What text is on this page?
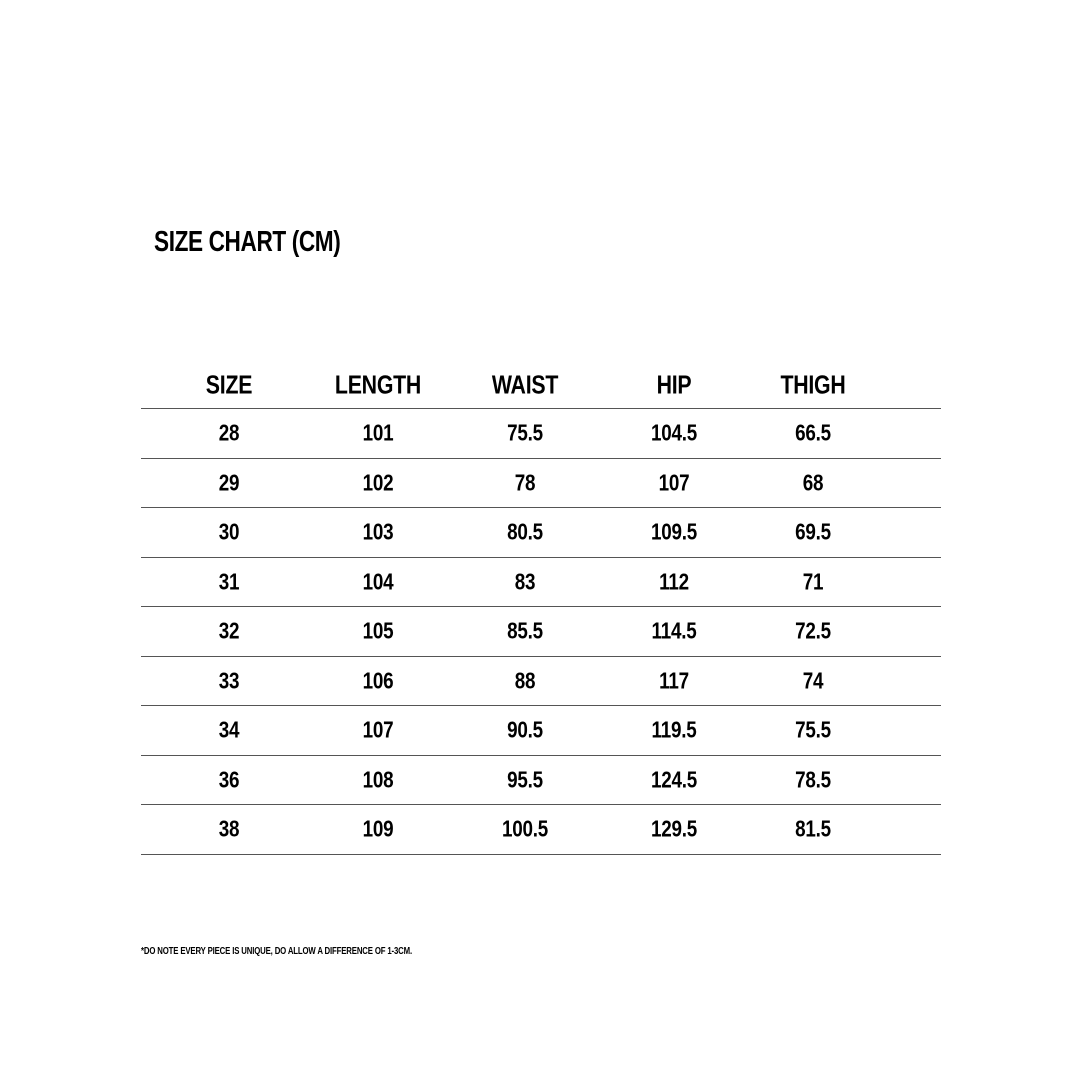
SIZE CHART (CM)
SIZE	LENGTH	WAIST	HIP	THIGH
28	101	75.5	104.5	66.5
29	102	78	107	68
30	103	80.5	109.5	69.5
31	104	83	112	71
32	105	85.5	114.5	72.5
33	106	88	117	74
34	107	90.5	119.5	75.5
36	108	95.5	124.5	78.5
38	109	100.5	129.5	81.5
*DO NOTE EVERY PIECE IS UNIQUE, DO ALLOW A DIFFERENCE OF 1-3CM.
